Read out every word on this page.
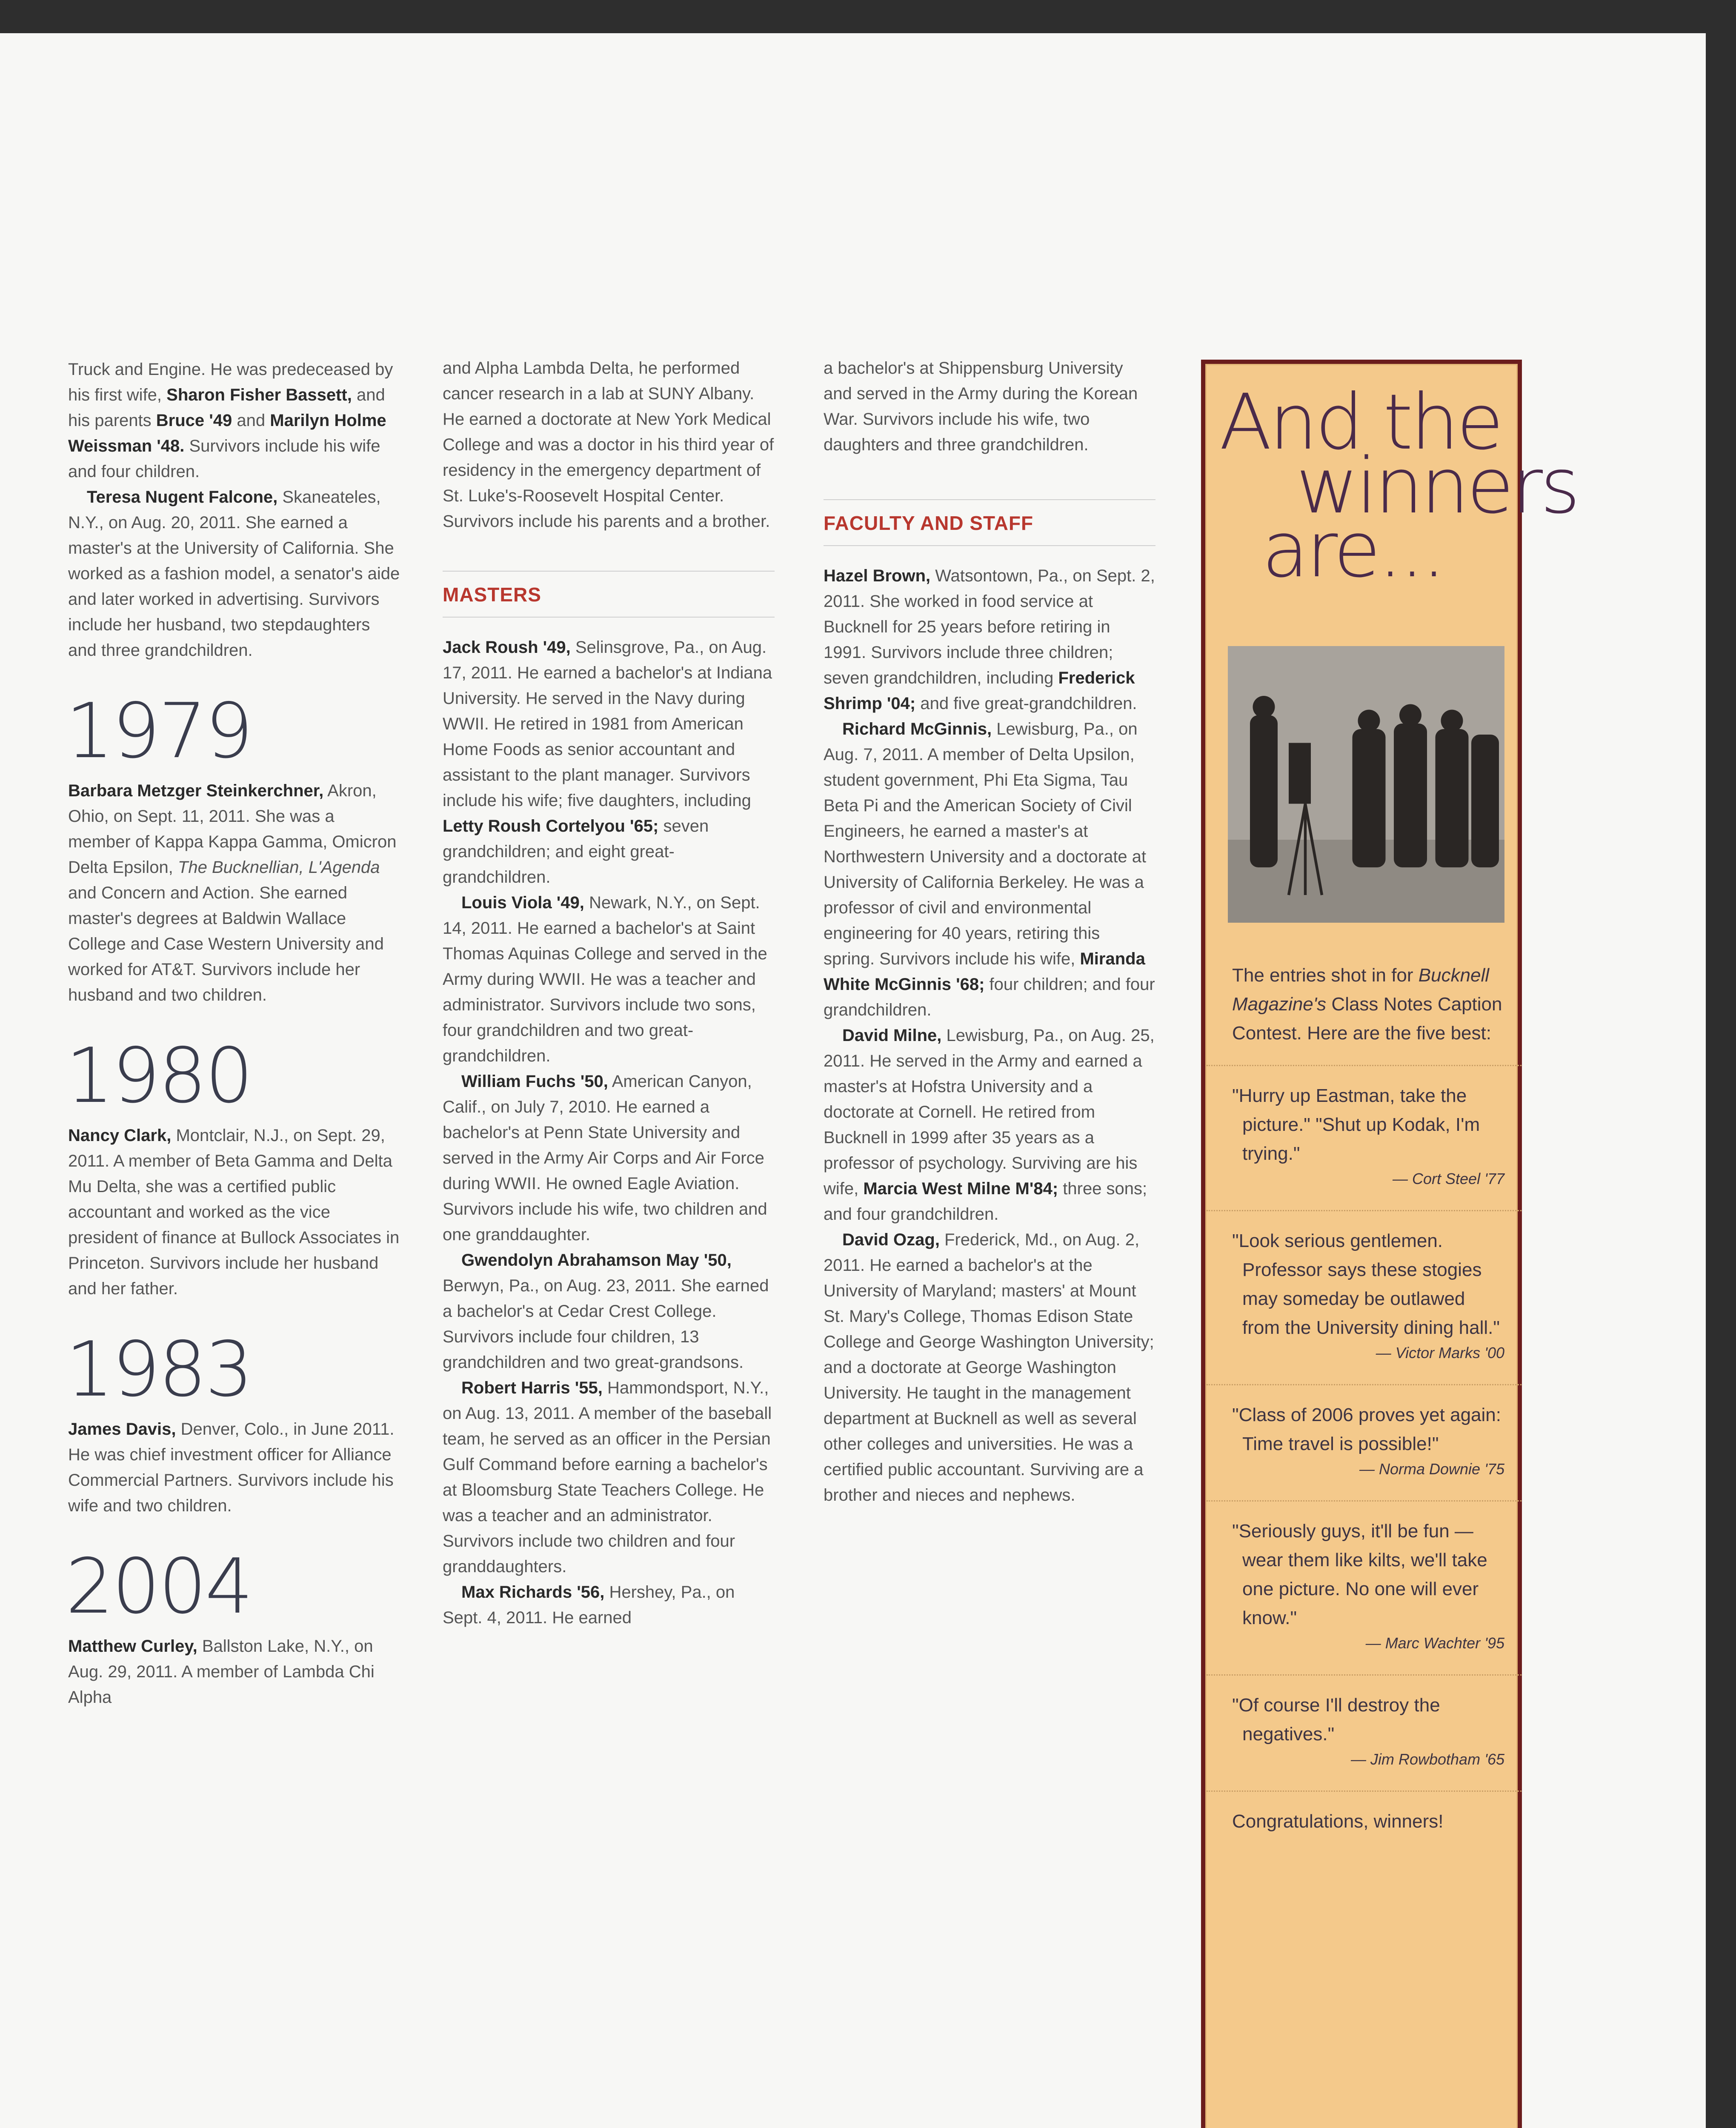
Truck and Engine. He was predeceased by his first wife, Sharon Fisher Bassett, and his parents Bruce '49 and Marilyn Holme Weissman '48. Survivors include his wife and four children.

Teresa Nugent Falcone, Skaneateles, N.Y., on Aug. 20, 2011. She earned a master's at the University of California. She worked as a fashion model, a senator's aide and later worked in advertising. Survivors include her husband, two stepdaughters and three grandchildren.

1979

Barbara Metzger Steinkerchner, Akron, Ohio, on Sept. 11, 2011. She was a member of Kappa Kappa Gamma, Omicron Delta Epsilon, The Bucknellian, L'Agenda and Concern and Action. She earned master's degrees at Baldwin Wallace College and Case Western University and worked for AT&T. Survivors include her husband and two children.

1980

Nancy Clark, Montclair, N.J., on Sept. 29, 2011. A member of Beta Gamma and Delta Mu Delta, she was a certified public accountant and worked as the vice president of finance at Bullock Associates in Princeton. Survivors include her husband and her father.

1983

James Davis, Denver, Colo., in June 2011. He was chief investment officer for Alliance Commercial Partners. Survivors include his wife and two children.

2004

Matthew Curley, Ballston Lake, N.Y., on Aug. 29, 2011. A member of Lambda Chi Alpha

and Alpha Lambda Delta, he performed cancer research in a lab at SUNY Albany. He earned a doctorate at New York Medical College and was a doctor in his third year of residency in the emergency department of St. Luke's-Roosevelt Hospital Center. Survivors include his parents and a brother.

MASTERS

Jack Roush '49, Selinsgrove, Pa., on Aug. 17, 2011. He earned a bachelor's at Indiana University. He served in the Navy during WWII. He retired in 1981 from American Home Foods as senior accountant and assistant to the plant manager. Survivors include his wife; five daughters, including Letty Roush Cortelyou '65; seven grandchildren; and eight great-grandchildren.

Louis Viola '49, Newark, N.Y., on Sept. 14, 2011. He earned a bachelor's at Saint Thomas Aquinas College and served in the Army during WWII. He was a teacher and administrator. Survivors include two sons, four grandchildren and two great-grandchildren.

William Fuchs '50, American Canyon, Calif., on July 7, 2010. He earned a bachelor's at Penn State University and served in the Army Air Corps and Air Force during WWII. He owned Eagle Aviation. Survivors include his wife, two children and one granddaughter.

Gwendolyn Abrahamson May '50, Berwyn, Pa., on Aug. 23, 2011. She earned a bachelor's at Cedar Crest College. Survivors include four children, 13 grandchildren and two great-grandsons.

Robert Harris '55, Hammondsport, N.Y., on Aug. 13, 2011. A member of the baseball team, he served as an officer in the Persian Gulf Command before earning a bachelor's at Bloomsburg State Teachers College. He was a teacher and an administrator. Survivors include two children and four granddaughters.

Max Richards '56, Hershey, Pa., on Sept. 4, 2011. He earned

a bachelor's at Shippensburg University and served in the Army during the Korean War. Survivors include his wife, two daughters and three grandchildren.

FACULTY AND STAFF

Hazel Brown, Watsontown, Pa., on Sept. 2, 2011. She worked in food service at Bucknell for 25 years before retiring in 1991. Survivors include three children; seven grandchildren, including Frederick Shrimp '04; and five great-grandchildren.

Richard McGinnis, Lewisburg, Pa., on Aug. 7, 2011. A member of Delta Upsilon, student government, Phi Eta Sigma, Tau Beta Pi and the American Society of Civil Engineers, he earned a master's at Northwestern University and a doctorate at University of California Berkeley. He was a professor of civil and environmental engineering for 40 years, retiring this spring. Survivors include his wife, Miranda White McGinnis '68; four children; and four grandchildren.

David Milne, Lewisburg, Pa., on Aug. 25, 2011. He served in the Army and earned a master's at Hofstra University and a doctorate at Cornell. He retired from Bucknell in 1999 after 35 years as a professor of psychology. Surviving are his wife, Marcia West Milne M'84; three sons; and four grandchildren.

David Ozag, Frederick, Md., on Aug. 2, 2011. He earned a bachelor's at the University of Maryland; masters' at Mount St. Mary's College, Thomas Edison State College and George Washington University; and a doctorate at George Washington University. He taught in the management department at Bucknell as well as several other colleges and universities. He was a certified public accountant. Surviving are a brother and nieces and nephews.

And the
winners
are...

The entries shot in for Bucknell Magazine's Class Notes Caption Contest. Here are the five best:

"Hurry up Eastman, take the picture." "Shut up Kodak, I'm trying."

— Cort Steel '77

"Look serious gentlemen. Professor says these stogies may someday be outlawed from the University dining hall."

— Victor Marks '00

"Class of 2006 proves yet again: Time travel is possible!"

— Norma Downie '75

"Seriously guys, it'll be fun — wear them like kilts, we'll take one picture. No one will ever know."

— Marc Wachter '95

"Of course I'll destroy the negatives."

— Jim Rowbotham '65

Congratulations, winners!
